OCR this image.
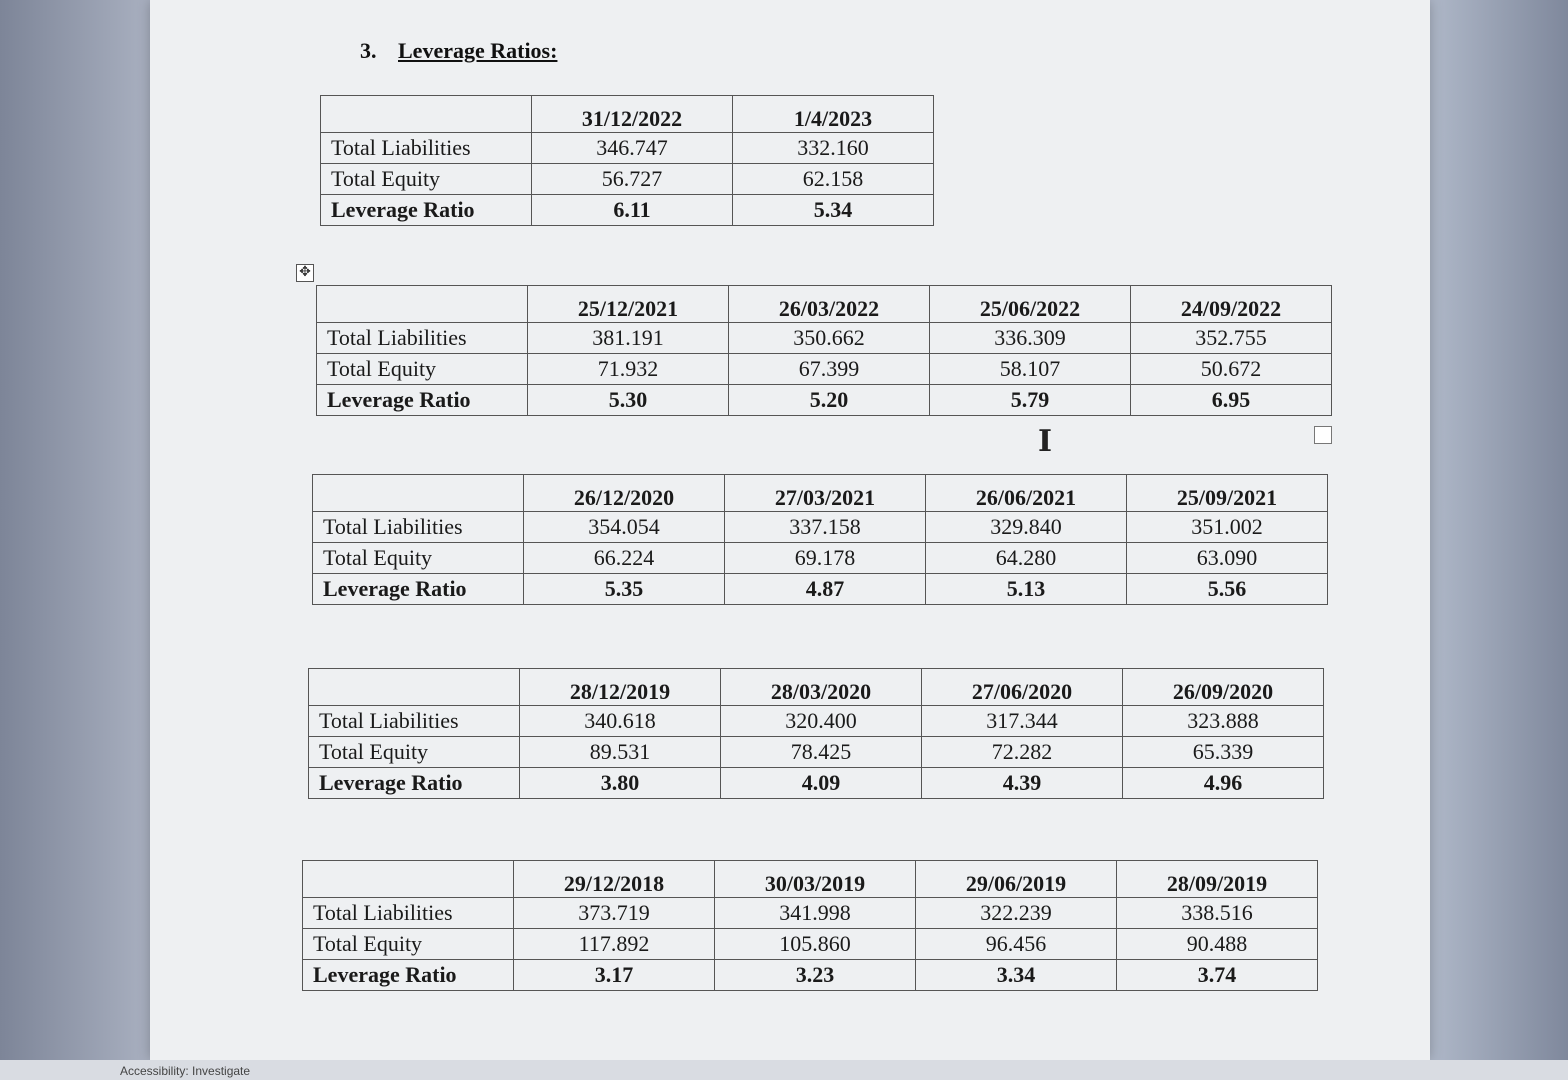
3. Leverage Ratios:
✥
I
	31/12/2022	1/4/2023
Total Liabilities	346.747	332.160
Total Equity	56.727	62.158
Leverage Ratio	6.11	5.34
	25/12/2021	26/03/2022	25/06/2022	24/09/2022
Total Liabilities	381.191	350.662	336.309	352.755
Total Equity	71.932	67.399	58.107	50.672
Leverage Ratio	5.30	5.20	5.79	6.95
	26/12/2020	27/03/2021	26/06/2021	25/09/2021
Total Liabilities	354.054	337.158	329.840	351.002
Total Equity	66.224	69.178	64.280	63.090
Leverage Ratio	5.35	4.87	5.13	5.56
	28/12/2019	28/03/2020	27/06/2020	26/09/2020
Total Liabilities	340.618	320.400	317.344	323.888
Total Equity	89.531	78.425	72.282	65.339
Leverage Ratio	3.80	4.09	4.39	4.96
	29/12/2018	30/03/2019	29/06/2019	28/09/2019
Total Liabilities	373.719	341.998	322.239	338.516
Total Equity	117.892	105.860	96.456	90.488
Leverage Ratio	3.17	3.23	3.34	3.74
Accessibility: Investigate
